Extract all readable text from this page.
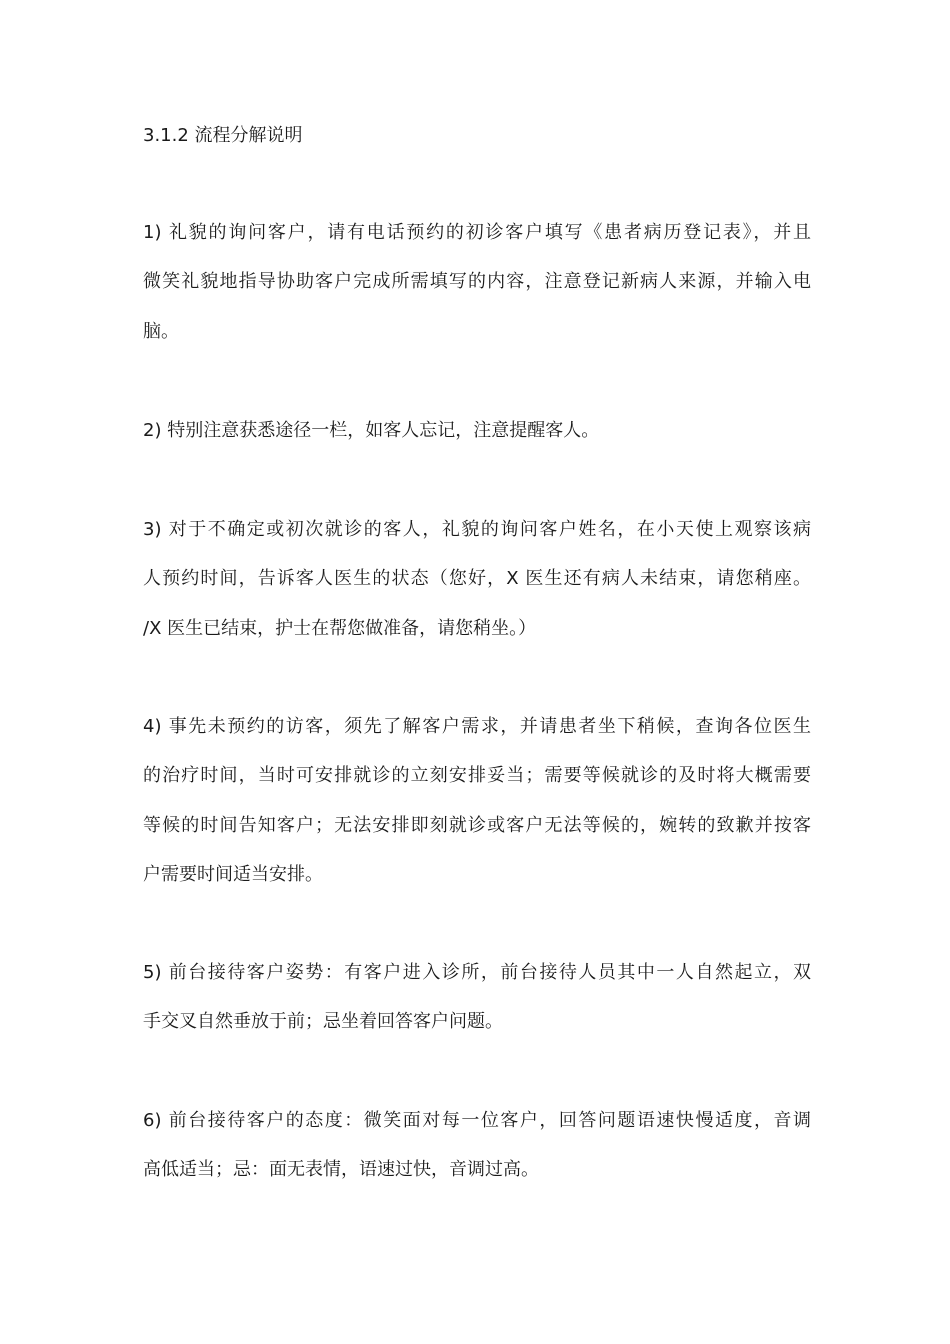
3.1.2 流程分解说明
1) 礼貌的询问客户，请有电话预约的初诊客户填写《患者病历登记表》，并且
微笑礼貌地指导协助客户完成所需填写的内容，注意登记新病人来源，并输入电
脑。
2) 特别注意获悉途径一栏，如客人忘记，注意提醒客人。
3) 对于不确定或初次就诊的客人，礼貌的询问客户姓名，在小天使上观察该病
人预约时间，告诉客人医生的状态（您好，X 医生还有病人未结束，请您稍座。
/X 医生已结束，护士在帮您做准备，请您稍坐。）
4) 事先未预约的访客，须先了解客户需求，并请患者坐下稍候，查询各位医生
的治疗时间，当时可安排就诊的立刻安排妥当；需要等候就诊的及时将大概需要
等候的时间告知客户；无法安排即刻就诊或客户无法等候的，婉转的致歉并按客
户需要时间适当安排。
5) 前台接待客户姿势：有客户进入诊所，前台接待人员其中一人自然起立，双
手交叉自然垂放于前；忌坐着回答客户问题。
6) 前台接待客户的态度：微笑面对每一位客户，回答问题语速快慢适度，音调
高低适当；忌：面无表情，语速过快，音调过高。
